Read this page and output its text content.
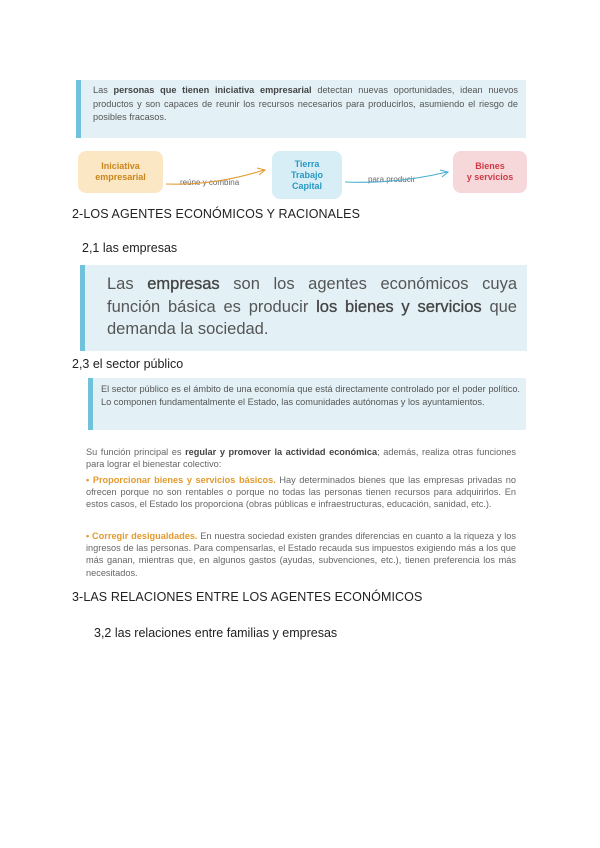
Las personas que tienen iniciativa empresarial detectan nuevas oportunidades, idean nuevos productos y son capaces de reunir los recursos necesarios para producirlos, asumiendo el riesgo de posibles fracasos.

Iniciativa
empresarial
reúne y combina
Tierra
Trabajo
Capital
para producir
Bienes
y servicios
2-LOS AGENTES ECONÓMICOS Y RACIONALES
2,1 las empresas

Las empresas son los agentes económicos cuya función básica es producir los bienes y servicios que demanda la sociedad.

2,3 el sector público

El sector público es el ámbito de una economía que está directamente controlado por el poder político. Lo componen fundamentalmente el Estado, las comunidades autónomas y los ayuntamientos.

Su función principal es regular y promover la actividad económica; además, realiza otras funciones para lograr el bienestar colectivo:
• Proporcionar bienes y servicios básicos. Hay determinados bienes que las empresas privadas no ofrecen porque no son rentables o porque no todas las personas tienen recursos para adquirirlos. En estos casos, el Estado los proporciona (obras públicas e infraestructuras, educación, sanidad, etc.).
• Corregir desigualdades. En nuestra sociedad existen grandes diferencias en cuanto a la riqueza y los ingresos de las personas. Para compensarlas, el Estado recauda sus impuestos exigiendo más a los que más ganan, mientras que, en algunos gastos (ayudas, subvenciones, etc.), tienen preferencia los más necesitados.
3-LAS RELACIONES ENTRE LOS AGENTES ECONÓMICOS
3,2 las relaciones entre familias y empresas
